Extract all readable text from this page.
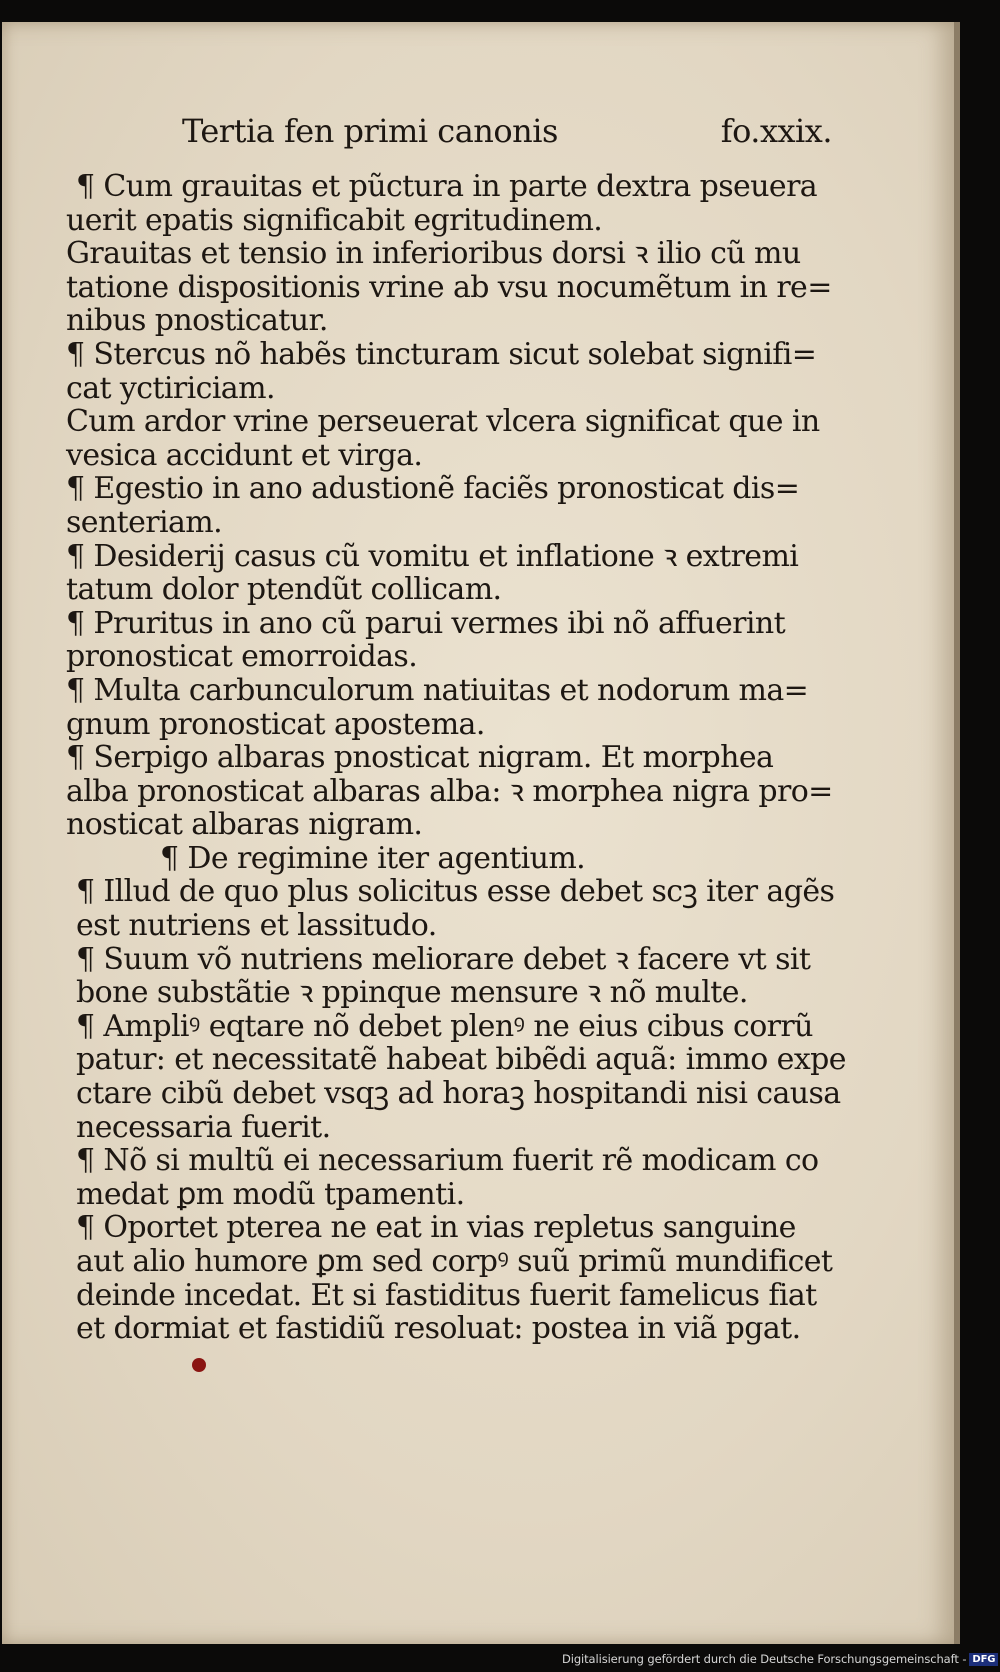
Tertia fen primi canonis	fo.xxix.
¶ Cum grauitas et pũctura in parte dextra pseuera
uerit epatis significabit egritudinem.
Grauitas et tensio in inferioribus dorsi ꝛ ilio cũ mu
tatione dispositionis vrine ab vsu nocumẽtum in re=
nibus pnosticatur.
¶ Stercus nõ habẽs tincturam sicut solebat signifi=
cat yctiriciam.
Cum ardor vrine perseuerat vlcera significat que in
vesica accidunt et virga.
¶ Egestio in ano adustionẽ faciẽs pronosticat dis=
senteriam.
¶ Desiderij casus cũ vomitu et inflatione ꝛ extremi
tatum dolor ptendũt collicam.
¶ Pruritus in ano cũ parui vermes ibi nõ affuerint
pronosticat emorroidas.
¶ Multa carbunculorum natiuitas et nodorum ma=
gnum pronosticat apostema.
¶ Serpigo albaras pnosticat nigram. Et morphea
alba pronosticat albaras alba: ꝛ morphea nigra pro=
nosticat albaras nigram.
¶ De regimine iter agentium.
¶ Illud de quo plus solicitus esse debet scꝫ iter agẽs
est nutriens et lassitudo.
¶ Suum võ nutriens meliorare debet ꝛ facere vt sit
bone substãtie ꝛ ppinque mensure ꝛ nõ multe.
¶ Ampliꝰ eqtare nõ debet plenꝰ ne eius cibus corrũ
patur: et necessitatẽ habeat bibẽdi aquã: immo expe
ctare cibũ debet vsqꝫ ad horaꝫ hospitandi nisi causa
necessaria fuerit.
¶ Nõ si multũ ei necessarium fuerit rẽ modicam co
medat ꝑm modũ tpamenti.
¶ Oportet pterea ne eat in vias repletus sanguine
aut alio humore ꝑm sed corpꝰ suũ primũ mundificet
deinde incedat. Et si fastiditus fuerit famelicus fiat
et dormiat et fastidiũ resoluat: postea in viã pgat.
Digitalisierung gefördert durch die Deutsche Forschungsgemeinschaft - DFG
